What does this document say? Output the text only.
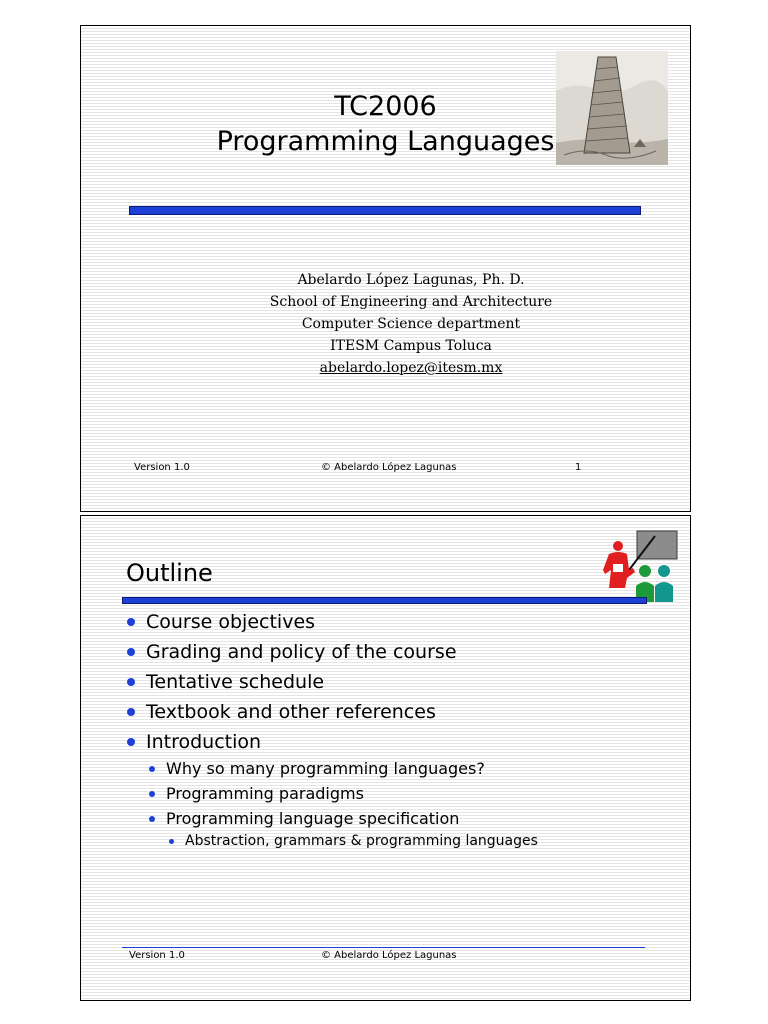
TC2006
Programming Languages
Abelardo López Lagunas, Ph. D.
School of Engineering and Architecture
Computer Science department
ITESM Campus Toluca
abelardo.lopez@itesm.mx
Version 1.0	© Abelardo López Lagunas	1
Outline
Course objectives
Grading and policy of the course
Tentative schedule
Textbook and other references
Introduction
Why so many programming languages?
Programming paradigms
Programming language specification
Abstraction, grammars & programming languages
Version 1.0	© Abelardo López Lagunas
